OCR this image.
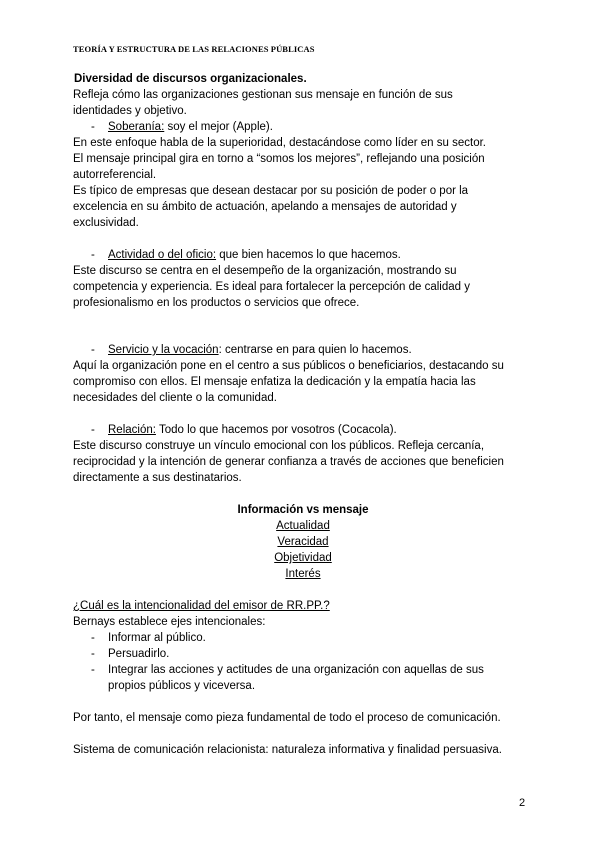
TEORÍA Y ESTRUCTURA DE LAS RELACIONES PÚBLICAS

Diversidad de discursos organizacionales.

Refleja cómo las organizaciones gestionan sus mensaje en función de sus

identidades y objetivo.

- Soberanía: soy el mejor (Apple).

En este enfoque habla de la superioridad, destacándose como líder en su sector.

El mensaje principal gira en torno a “somos los mejores”, reflejando una posición

autorreferencial.

Es típico de empresas que desean destacar por su posición de poder o por la

excelencia en su ámbito de actuación, apelando a mensajes de autoridad y

exclusividad.

- Actividad o del oficio: que bien hacemos lo que hacemos.

Este discurso se centra en el desempeño de la organización, mostrando su

competencia y experiencia. Es ideal para fortalecer la percepción de calidad y

profesionalismo en los productos o servicios que ofrece.

- Servicio y la vocación: centrarse en para quien lo hacemos.

Aquí la organización pone en el centro a sus públicos o beneficiarios, destacando su

compromiso con ellos. El mensaje enfatiza la dedicación y la empatía hacia las

necesidades del cliente o la comunidad.

- Relación: Todo lo que hacemos por vosotros (Cocacola).

Este discurso construye un vínculo emocional con los públicos. Refleja cercanía,

reciprocidad y la intención de generar confianza a través de acciones que beneficien

directamente a sus destinatarios.

Información vs mensaje

Actualidad

Veracidad

Objetividad

Interés

¿Cuál es la intencionalidad del emisor de RR.PP.?

Bernays establece ejes intencionales:

- Informar al público.

- Persuadirlo.

- Integrar las acciones y actitudes de una organización con aquellas de sus

propios públicos y viceversa.

Por tanto, el mensaje como pieza fundamental de todo el proceso de comunicación.

Sistema de comunicación relacionista: naturaleza informativa y finalidad persuasiva.

2
